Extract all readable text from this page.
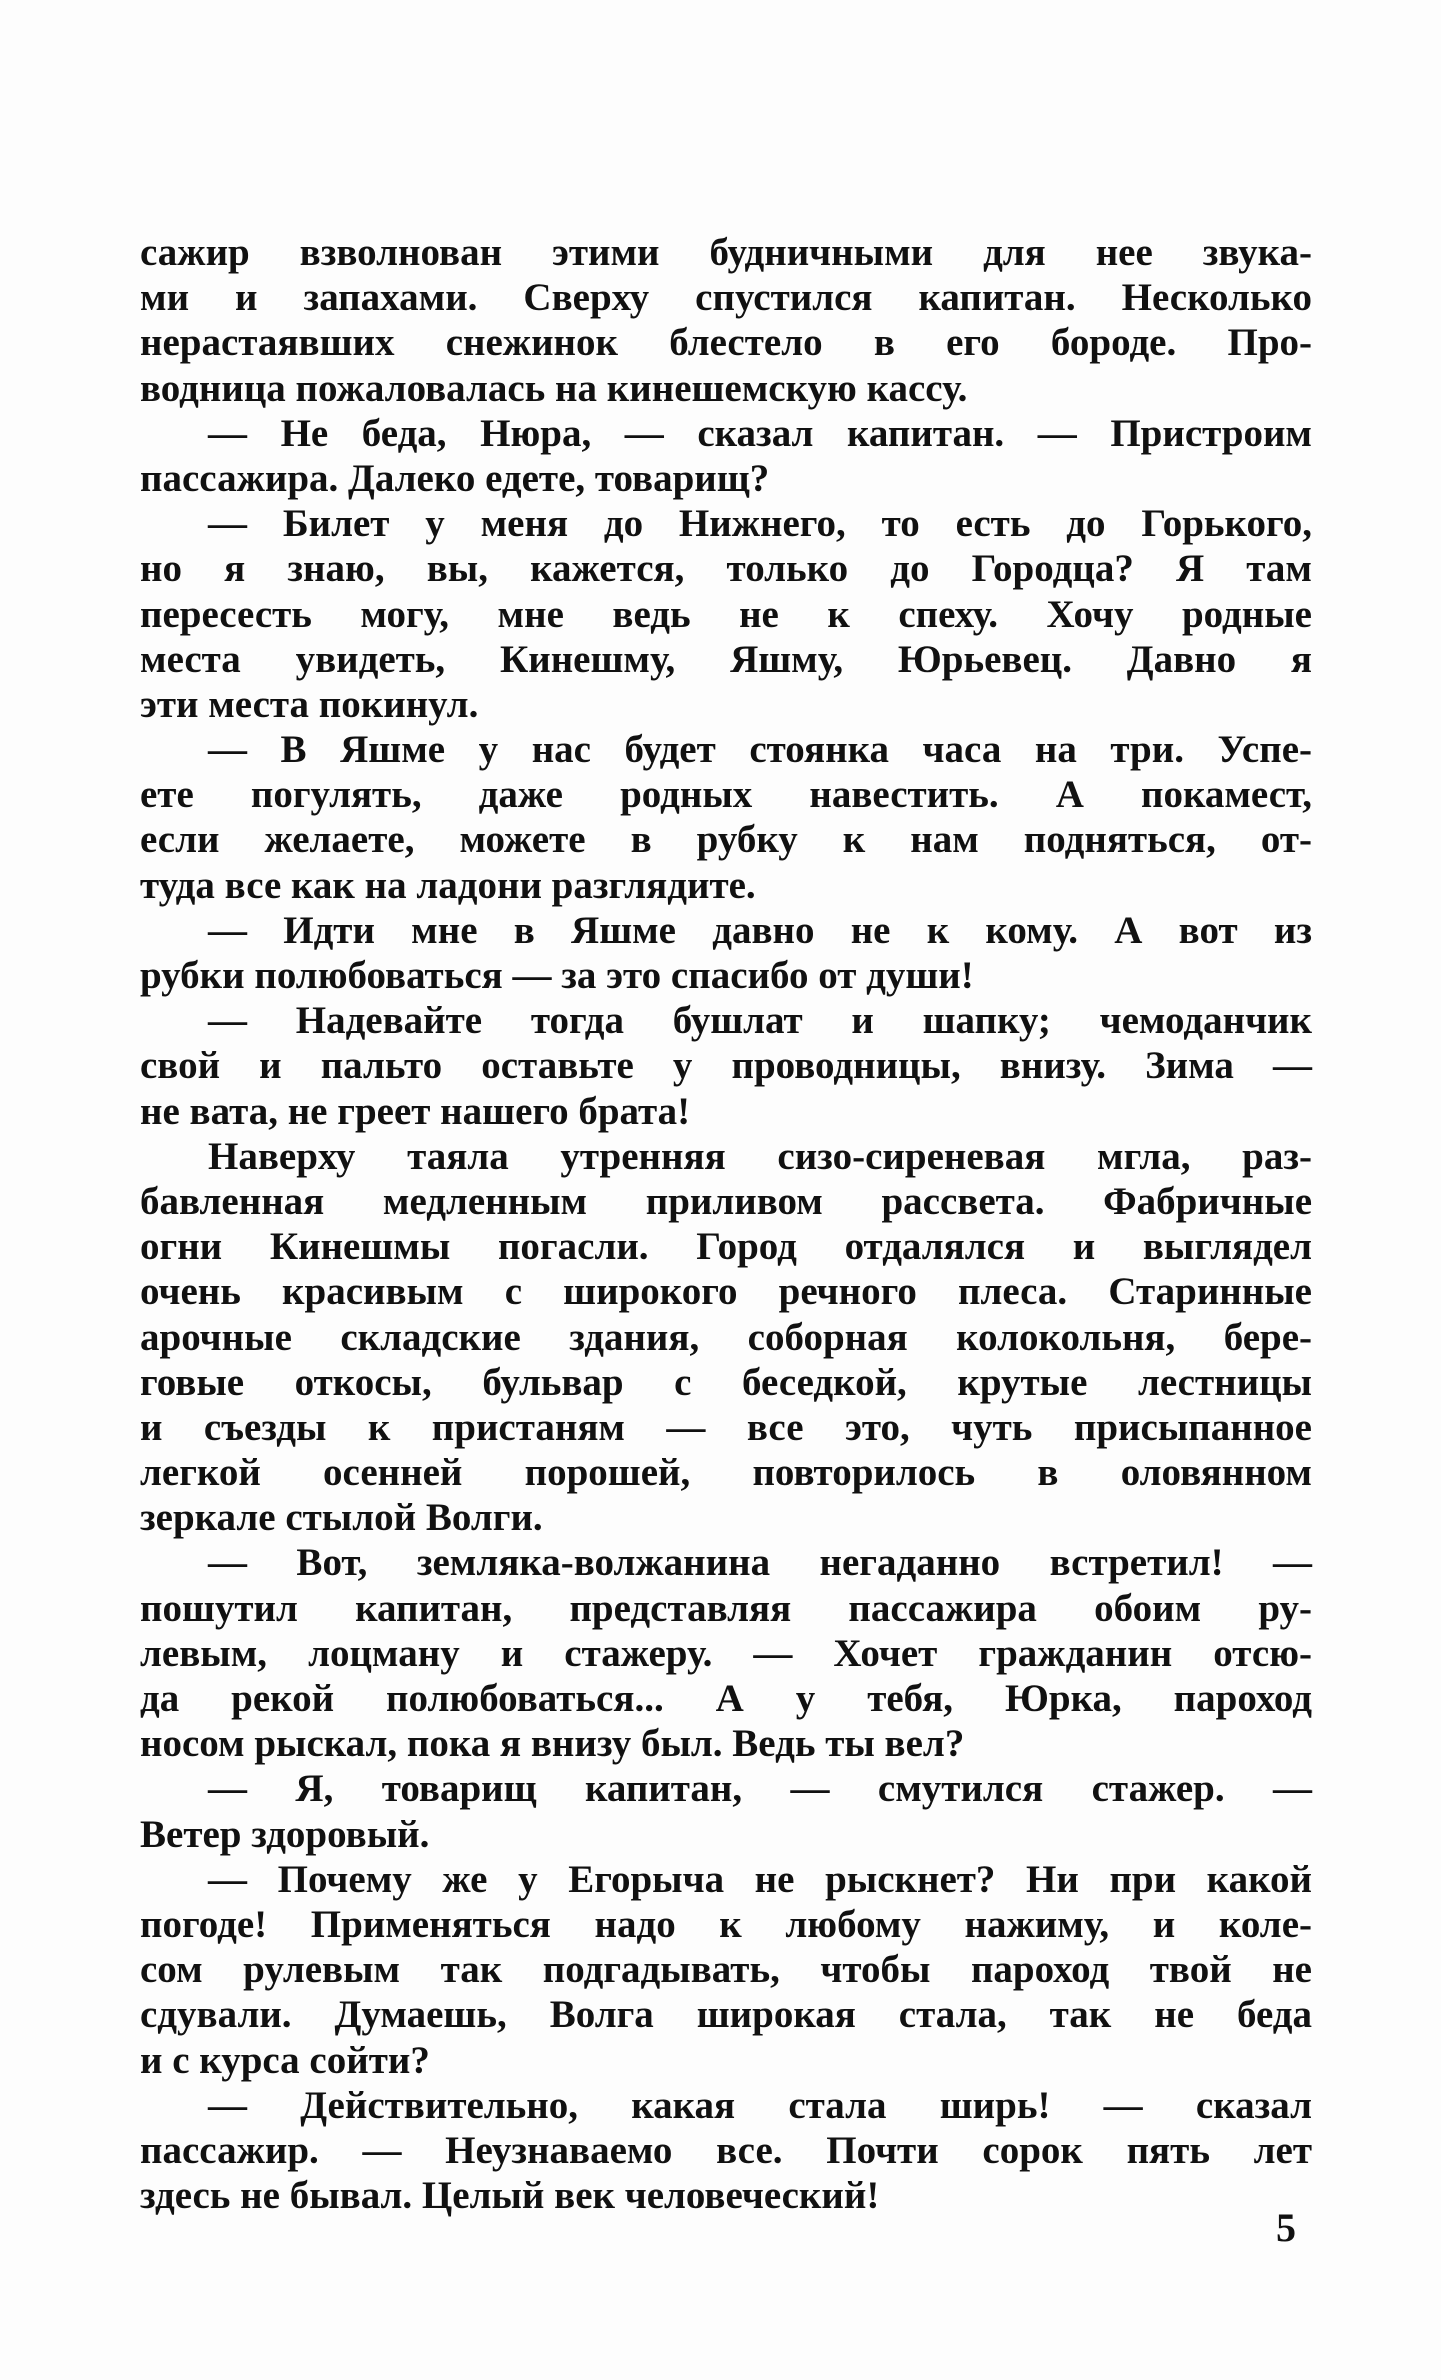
сажир взволнован этими будничными для нее звука-
ми и запахами. Сверху спустился капитан. Несколько
нерастаявших снежинок блестело в его бороде. Про-
водница пожаловалась на кинешемскую кассу.
— Не беда, Нюра, — сказал капитан. — Пристроим
пассажира. Далеко едете, товарищ?
— Билет у меня до Нижнего, то есть до Горького,
но я знаю, вы, кажется, только до Городца? Я там
пересесть могу, мне ведь не к спеху. Хочу родные
места увидеть, Кинешму, Яшму, Юрьевец. Давно я
эти места покинул.
— В Яшме у нас будет стоянка часа на три. Успе-
ете погулять, даже родных навестить. А покамест,
если желаете, можете в рубку к нам подняться, от-
туда все как на ладони разглядите.
— Идти мне в Яшме давно не к кому. А вот из
рубки полюбоваться — за это спасибо от души!
— Надевайте тогда бушлат и шапку; чемоданчик
свой и пальто оставьте у проводницы, внизу. Зима —
не вата, не греет нашего брата!
Наверху таяла утренняя сизо-сиреневая мгла, раз-
бавленная медленным приливом рассвета. Фабричные
огни Кинешмы погасли. Город отдалялся и выглядел
очень красивым с широкого речного плеса. Старинные
арочные складские здания, соборная колокольня, бере-
говые откосы, бульвар с беседкой, крутые лестницы
и съезды к пристаням — все это, чуть присыпанное
легкой осенней порошей, повторилось в оловянном
зеркале стылой Волги.
— Вот, земляка-волжанина негаданно встретил! —
пошутил капитан, представляя пассажира обоим ру-
левым, лоцману и стажеру. — Хочет гражданин отсю-
да рекой полюбоваться... А у тебя, Юрка, пароход
носом рыскал, пока я внизу был. Ведь ты вел?
— Я, товарищ капитан, — смутился стажер. —
Ветер здоровый.
— Почему же у Егорыча не рыскнет? Ни при какой
погоде! Применяться надо к любому нажиму, и коле-
сом рулевым так подгадывать, чтобы пароход твой не
сдували. Думаешь, Волга широкая стала, так не беда
и с курса сойти?
— Действительно, какая стала ширь! — сказал
пассажир. — Неузнаваемо все. Почти сорок пять лет
здесь не бывал. Целый век человеческий!
5
